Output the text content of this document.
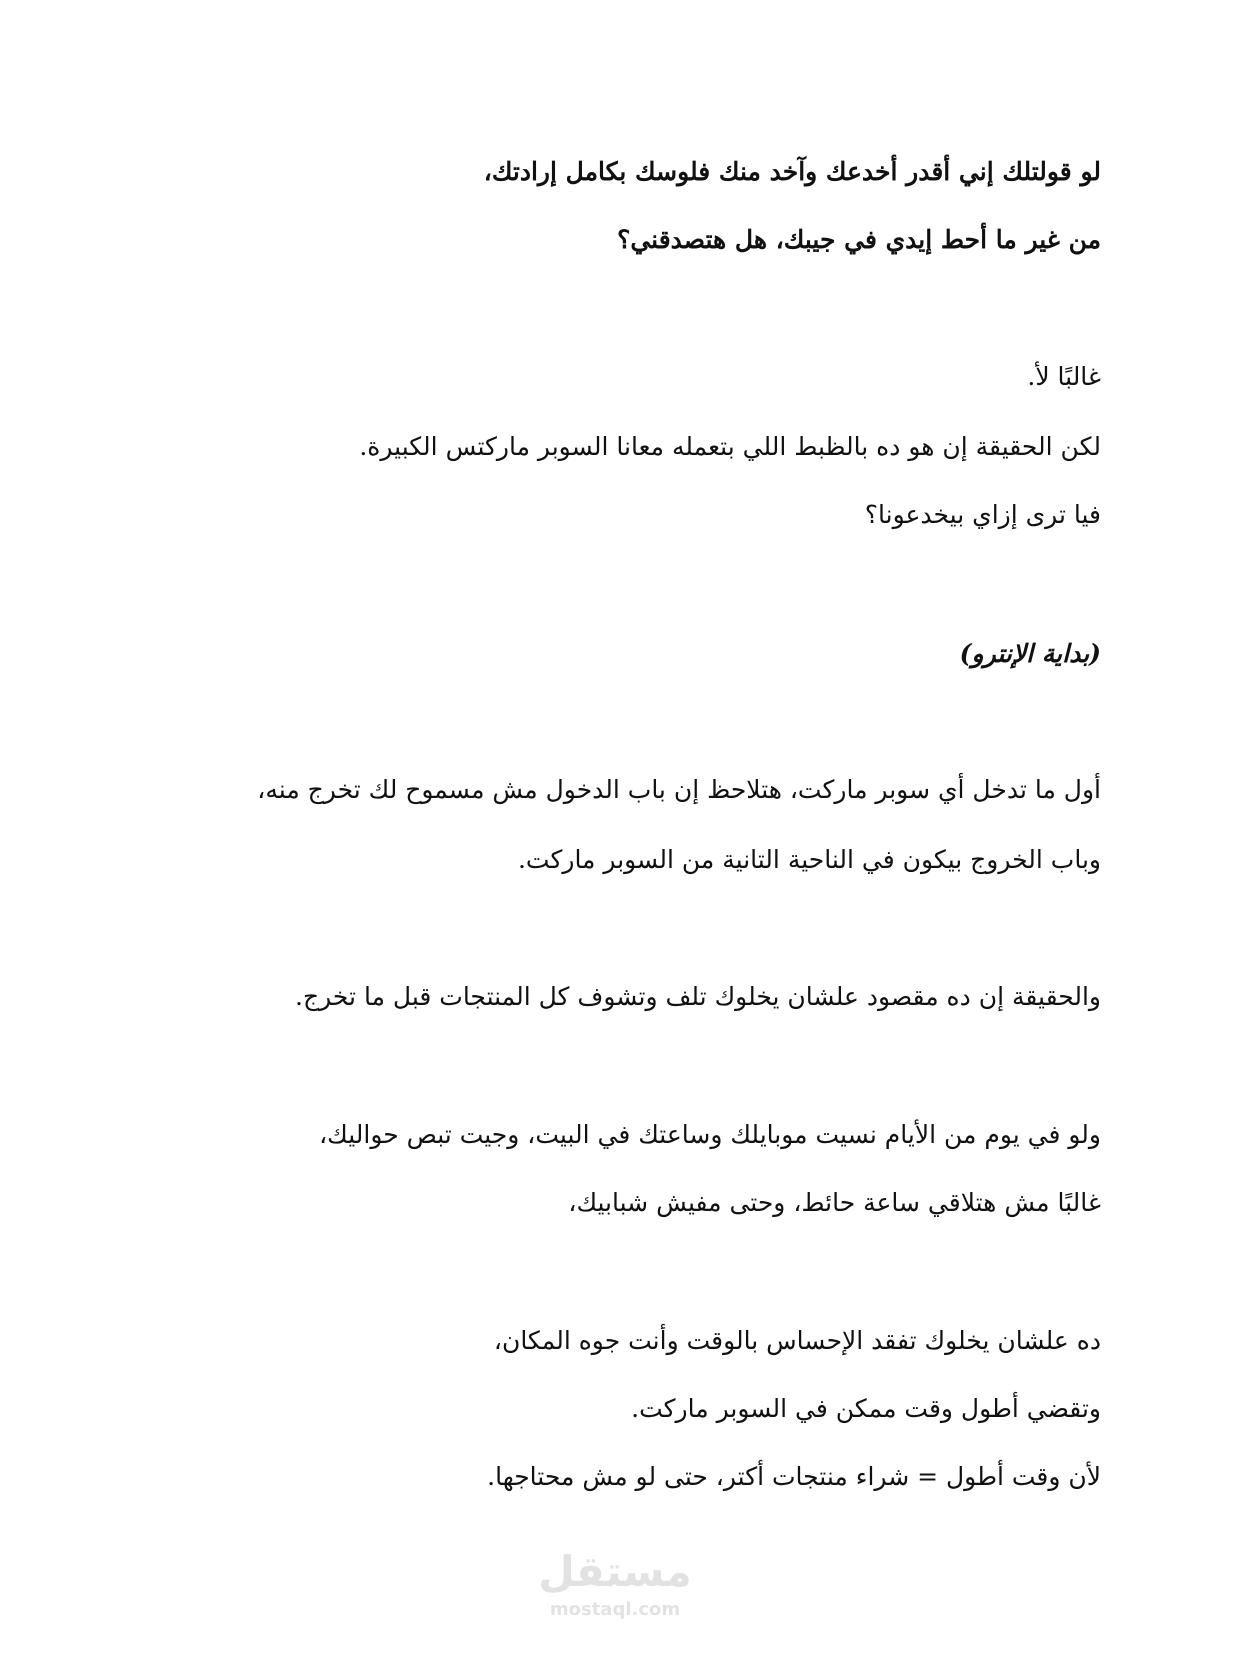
لو قولتلك إني أقدر أخدعك وآخد منك فلوسك بكامل إرادتك،
من غير ما أحط إيدي في جيبك، هل هتصدقني؟
غالبًا لأ.
لكن الحقيقة إن هو ده بالظبط اللي بتعمله معانا السوبر ماركتس الكبيرة.
فيا ترى إزاي بيخدعونا؟
(بداية الإنترو)
أول ما تدخل أي سوبر ماركت، هتلاحظ إن باب الدخول مش مسموح لك تخرج منه،
وباب الخروج بيكون في الناحية التانية من السوبر ماركت.
والحقيقة إن ده مقصود علشان يخلوك تلف وتشوف كل المنتجات قبل ما تخرج.
ولو في يوم من الأيام نسيت موبايلك وساعتك في البيت، وجيت تبص حواليك،
غالبًا مش هتلاقي ساعة حائط، وحتى مفيش شبابيك،
ده علشان يخلوك تفقد الإحساس بالوقت وأنت جوه المكان،
وتقضي أطول وقت ممكن في السوبر ماركت.
لأن وقت أطول = شراء منتجات أكتر، حتى لو مش محتاجها.
مستقل
mostaql.com
